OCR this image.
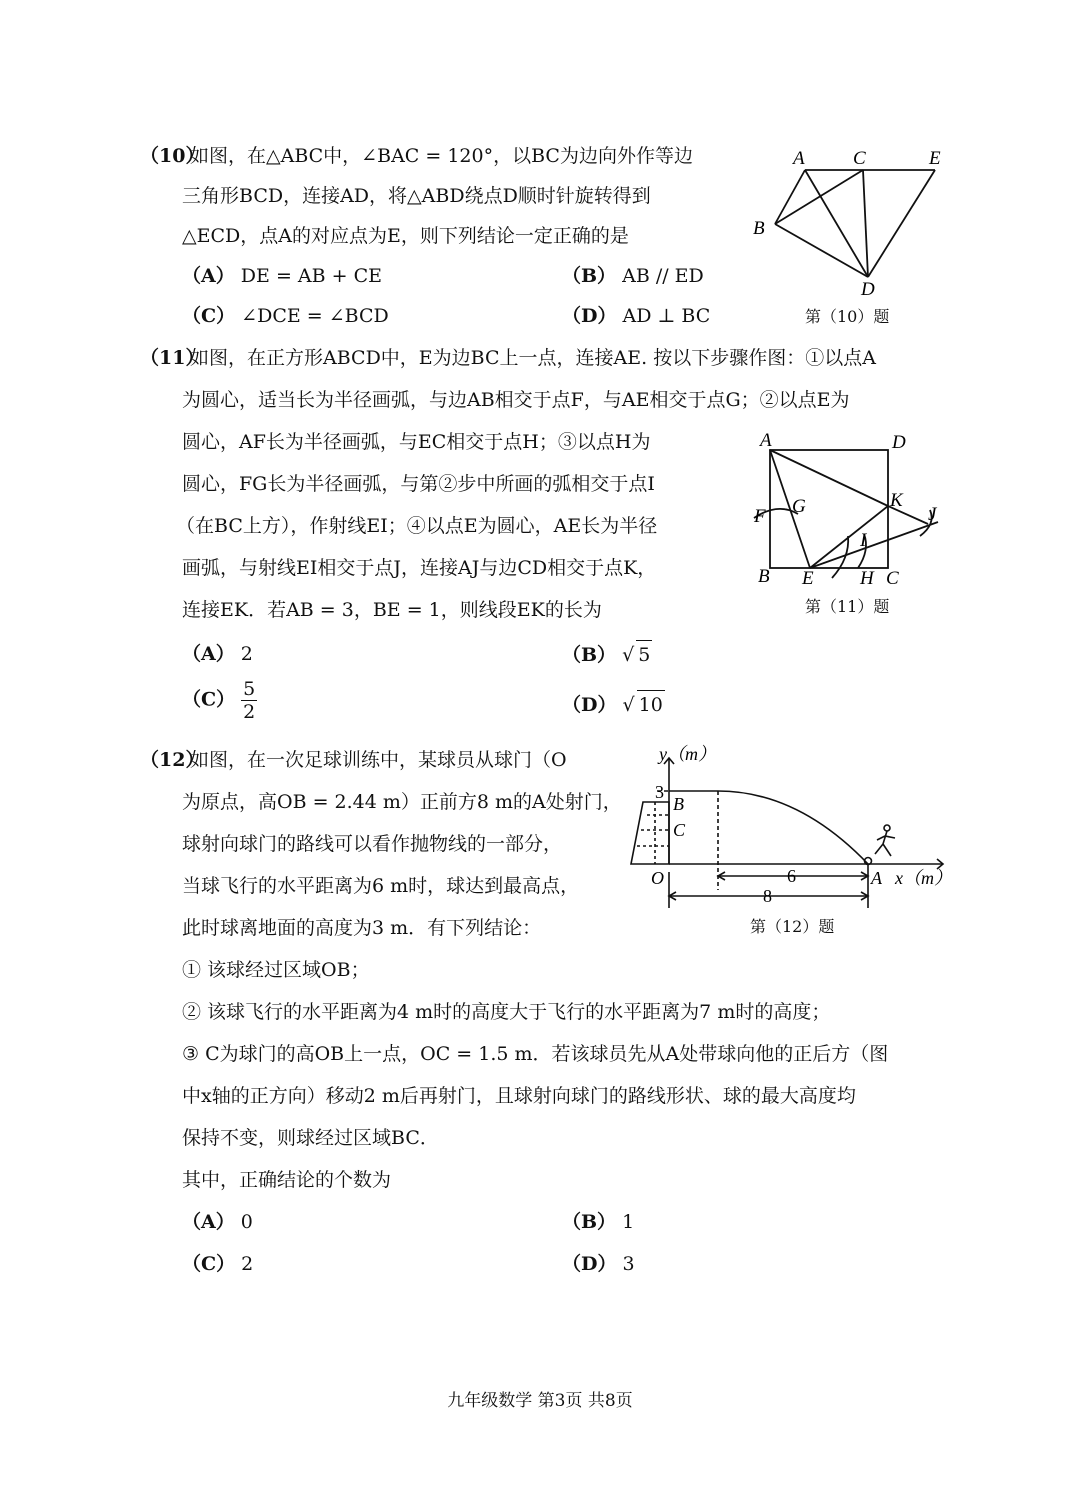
（10）
如图，在△ABC中，∠BAC = 120°，以BC为边向外作等边
三角形BCD，连接AD，将△ABD绕点D顺时针旋转得到
△ECD，点A的对应点为E，则下列结论一定正确的是
（A） DE = AB + CE	（B） AB // ED
（C） ∠DCE = ∠BCD	（D） AD ⊥ BC
A	C	E
B
D
第（10）题
（11）
如图，在正方形ABCD中，E为边BC上一点，连接AE. 按以下步骤作图：①以点A
为圆心，适当长为半径画弧，与边AB相交于点F，与AE相交于点G；②以点E为
圆心，AF长为半径画弧，与EC相交于点H；③以点H为
圆心，FG长为半径画弧，与第②步中所画的弧相交于点I
（在BC上方），作射线EI；④以点E为圆心，AE长为半径
画弧，与射线EI相交于点J，连接AJ与边CD相交于点K，
连接EK．若AB = 3，BE = 1，则线段EK的长为
A	D
G	K
J
F
I
B E H C
第（11）题
（A） 2	（B） √ 5
$(C) \frac{5}{2}$	（D） √ 10
（12）
如图，在一次足球训练中，某球员从球门（O
为原点，高OB = 2.44 m）正前方8 m的A处射门，
球射向球门的路线可以看作抛物线的一部分，
当球飞行的水平距离为6 m时，球达到最高点，
此时球离地面的高度为3 m．有下列结论：
y（m）
x（m）
O
B
C
A
3
6
8
第（12）题
① 该球经过区域OB；
② 该球飞行的水平距离为4 m时的高度大于飞行的水平距离为7 m时的高度；
③ C为球门的高OB上一点，OC = 1.5 m．若该球员先从A处带球向他的正后方（图
中x轴的正方向）移动2 m后再射门，且球射向球门的路线形状、球的最大高度均
保持不变，则球经过区域BC．
其中，正确结论的个数为
（A） 0	（B） 1
（C） 2	（D） 3
九年级数学 第3页 共8页
